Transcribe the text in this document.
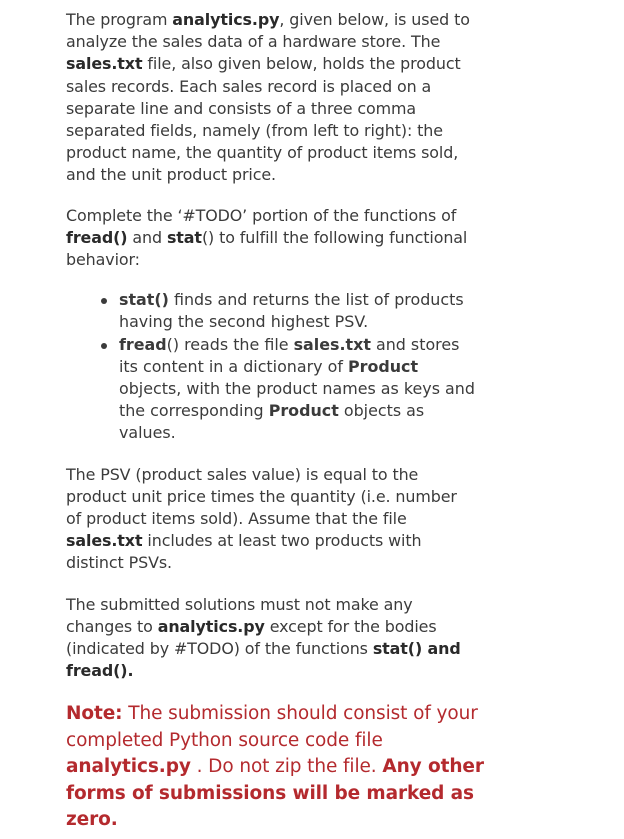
The program analytics.py, given below, is used to analyze the sales data of a hardware store. The sales.txt file, also given below, holds the product sales records. Each sales record is placed on a separate line and consists of a three comma separated fields, namely (from left to right): the product name, the quantity of product items sold, and the unit product price.

Complete the ‘#TODO’ portion of the functions of fread() and stat() to fulfill the following functional behavior:

stat() finds and returns the list of products having the second highest PSV.
fread() reads the file sales.txt and stores its content in a dictionary of Product objects, with the product names as keys and the corresponding Product objects as values.

The PSV (product sales value) is equal to the product unit price times the quantity (i.e. number of product items sold). Assume that the file sales.txt includes at least two products with distinct PSVs.

The submitted solutions must not make any changes to analytics.py except for the bodies (indicated by #TODO) of the functions stat() and fread().

Note: The submission should consist of your completed Python source code file analytics.py . Do not zip the file. Any other forms of submissions will be marked as zero.
